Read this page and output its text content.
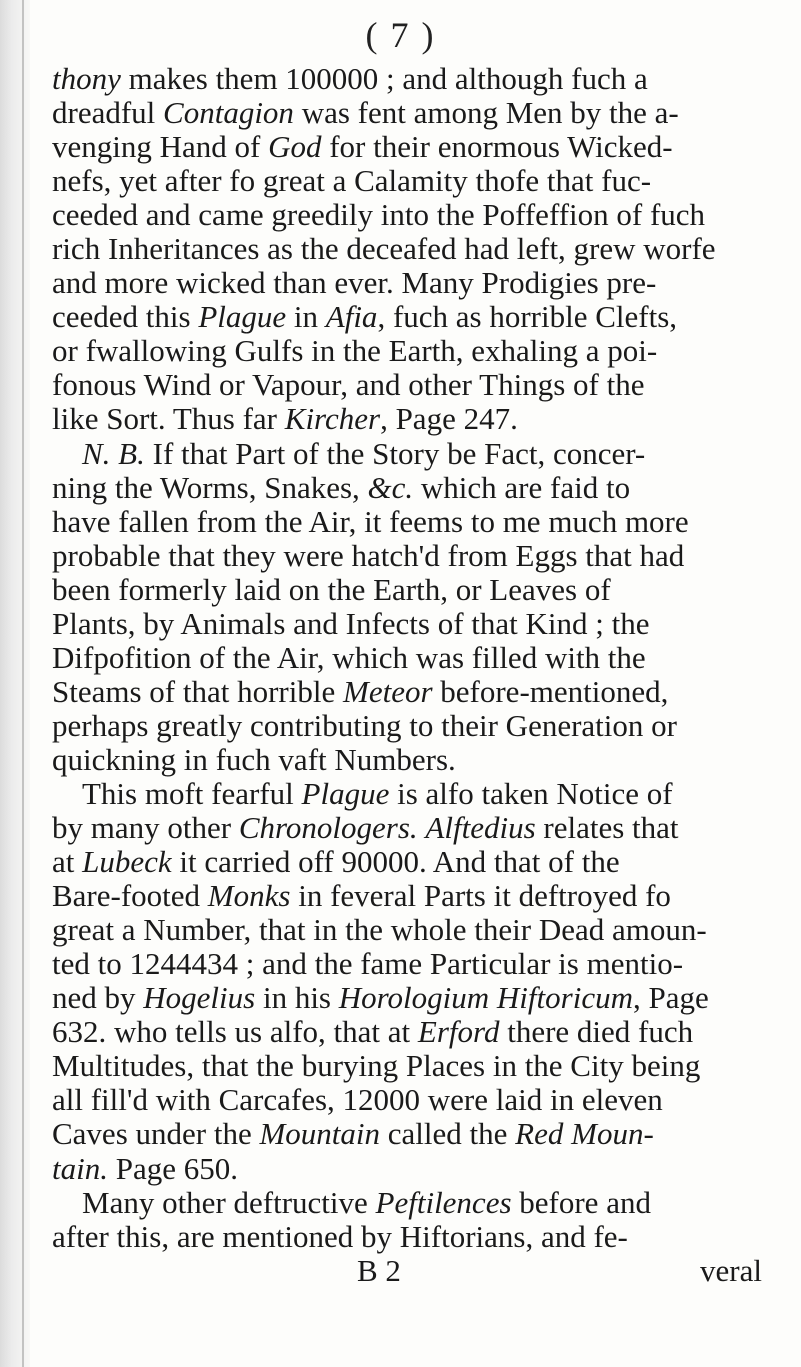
( 7 )
thony makes them 100000 ; and although fuch a
dreadful Contagion was fent among Men by the a-
venging Hand of God for their enormous Wicked-
nefs, yet after fo great a Calamity thofe that fuc-
ceeded and came greedily into the Poffeffion of fuch
rich Inheritances as the deceafed had left, grew worfe
and more wicked than ever. Many Prodigies pre-
ceeded this Plague in Afia, fuch as horrible Clefts,
or fwallowing Gulfs in the Earth, exhaling a poi-
fonous Wind or Vapour, and other Things of the
like Sort. Thus far Kircher, Page 247.
N. B. If that Part of the Story be Fact, concer-
ning the Worms, Snakes, &c. which are faid to
have fallen from the Air, it feems to me much more
probable that they were hatch'd from Eggs that had
been formerly laid on the Earth, or Leaves of
Plants, by Animals and Infects of that Kind ; the
Difpofition of the Air, which was filled with the
Steams of that horrible Meteor before-mentioned,
perhaps greatly contributing to their Generation or
quickning in fuch vaft Numbers.
This moft fearful Plague is alfo taken Notice of
by many other Chronologers. Alftedius relates that
at Lubeck it carried off 90000. And that of the
Bare-footed Monks in feveral Parts it deftroyed fo
great a Number, that in the whole their Dead amoun-
ted to 1244434 ; and the fame Particular is mentio-
ned by Hogelius in his Horologium Hiftoricum, Page
632. who tells us alfo, that at Erford there died fuch
Multitudes, that the burying Places in the City being
all fill'd with Carcafes, 12000 were laid in eleven
Caves under the Mountain called the Red Moun-
tain. Page 650.
Many other deftructive Peftilences before and
after this, are mentioned by Hiftorians, and fe-
B 2	veral
